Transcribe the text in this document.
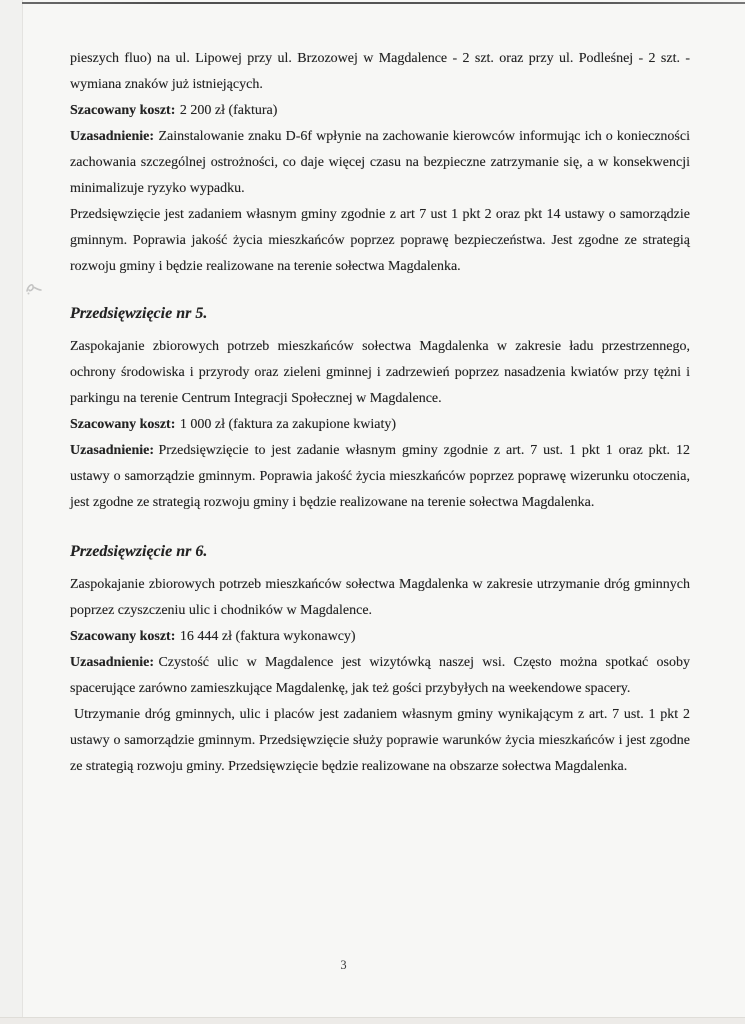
pieszych fluo) na ul. Lipowej przy ul. Brzozowej w Magdalence - 2 szt. oraz przy ul. Podleśnej - 2 szt. - wymiana znaków już istniejących.

Szacowany koszt: 2 200 zł (faktura)

Uzasadnienie: Zainstalowanie znaku D-6f wpłynie na zachowanie kierowców informując ich o konieczności zachowania szczególnej ostrożności, co daje więcej czasu na bezpieczne zatrzymanie się, a w konsekwencji minimalizuje ryzyko wypadku.

Przedsięwzięcie jest zadaniem własnym gminy zgodnie z art 7 ust 1 pkt 2 oraz pkt 14 ustawy o samorządzie gminnym. Poprawia jakość życia mieszkańców poprzez poprawę bezpieczeństwa. Jest zgodne ze strategią rozwoju gminy i będzie realizowane na terenie sołectwa Magdalenka.

Przedsięwzięcie nr 5.

Zaspokajanie zbiorowych potrzeb mieszkańców sołectwa Magdalenka w zakresie ładu przestrzennego, ochrony środowiska i przyrody oraz zieleni gminnej i zadrzewień poprzez nasadzenia kwiatów przy tężni i parkingu na terenie Centrum Integracji Społecznej w Magdalence.

Szacowany koszt: 1 000 zł (faktura za zakupione kwiaty)

Uzasadnienie: Przedsięwzięcie to jest zadanie własnym gminy zgodnie z art. 7 ust. 1 pkt 1 oraz pkt. 12 ustawy o samorządzie gminnym. Poprawia jakość życia mieszkańców poprzez poprawę wizerunku otoczenia, jest zgodne ze strategią rozwoju gminy i będzie realizowane na terenie sołectwa Magdalenka.

Przedsięwzięcie nr 6.

Zaspokajanie zbiorowych potrzeb mieszkańców sołectwa Magdalenka w zakresie utrzymanie dróg gminnych poprzez czyszczeniu ulic i chodników w Magdalence.

Szacowany koszt: 16 444 zł (faktura wykonawcy)

Uzasadnienie: Czystość ulic w Magdalence jest wizytówką naszej wsi. Często można spotkać osoby spacerujące zarówno zamieszkujące Magdalenkę, jak też gości przybyłych na weekendowe spacery.

Utrzymanie dróg gminnych, ulic i placów jest zadaniem własnym gminy wynikającym z art. 7 ust. 1 pkt 2 ustawy o samorządzie gminnym. Przedsięwzięcie służy poprawie warunków życia mieszkańców i jest zgodne ze strategią rozwoju gminy. Przedsięwzięcie będzie realizowane na obszarze sołectwa Magdalenka.

3
